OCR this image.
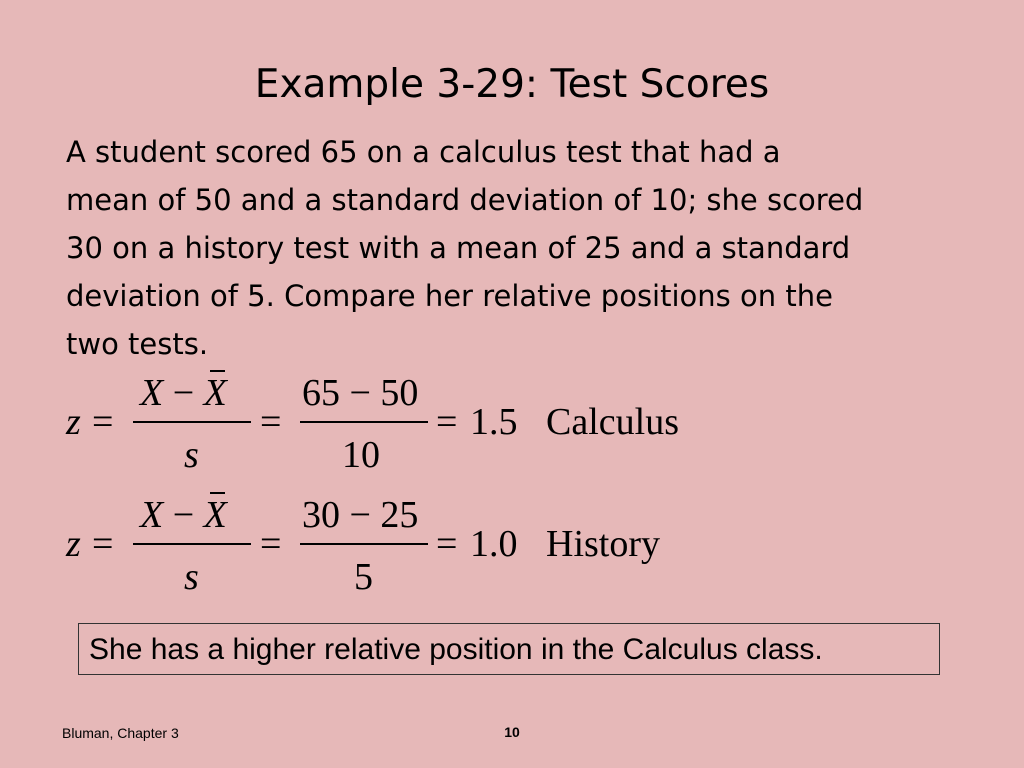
Example 3-29: Test Scores
A student scored 65 on a calculus test that had a
mean of 50 and a standard deviation of 10; she scored
30 on a history test with a mean of 25 and a standard
deviation of 5. Compare her relative positions on the
two tests.
z =
X − X
s
=
65 − 50
10
= 1.5 Calculus
z =
X − X
s
=
30 − 25
5
= 1.0 History
She has a higher relative position in the Calculus class.
Bluman, Chapter 3	10
